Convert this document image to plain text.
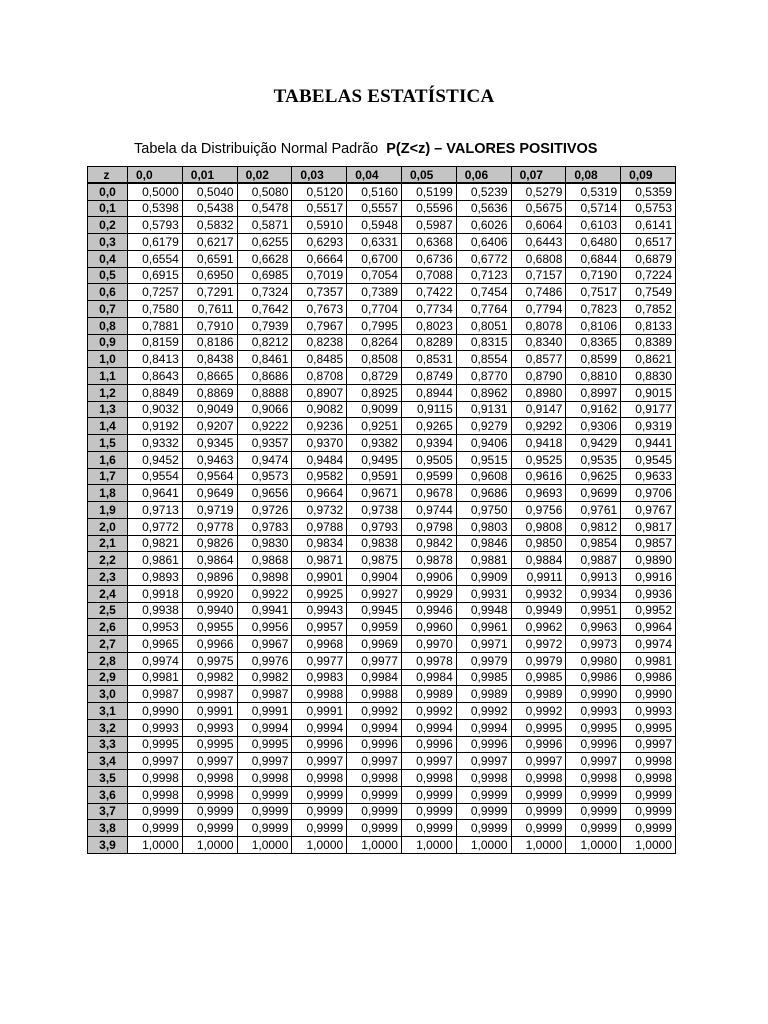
TABELAS ESTATÍSTICA
Tabela da Distribuição Normal Padrão P(Z<z) – VALORES POSITIVOS
z	0,0	0,01	0,02	0,03	0,04	0,05	0,06	0,07	0,08	0,09
0,0	0,5000	0,5040	0,5080	0,5120	0,5160	0,5199	0,5239	0,5279	0,5319	0,5359
0,1	0,5398	0,5438	0,5478	0,5517	0,5557	0,5596	0,5636	0,5675	0,5714	0,5753
0,2	0,5793	0,5832	0,5871	0,5910	0,5948	0,5987	0,6026	0,6064	0,6103	0,6141
0,3	0,6179	0,6217	0,6255	0,6293	0,6331	0,6368	0,6406	0,6443	0,6480	0,6517
0,4	0,6554	0,6591	0,6628	0,6664	0,6700	0,6736	0,6772	0,6808	0,6844	0,6879
0,5	0,6915	0,6950	0,6985	0,7019	0,7054	0,7088	0,7123	0,7157	0,7190	0,7224
0,6	0,7257	0,7291	0,7324	0,7357	0,7389	0,7422	0,7454	0,7486	0,7517	0,7549
0,7	0,7580	0,7611	0,7642	0,7673	0,7704	0,7734	0,7764	0,7794	0,7823	0,7852
0,8	0,7881	0,7910	0,7939	0,7967	0,7995	0,8023	0,8051	0,8078	0,8106	0,8133
0,9	0,8159	0,8186	0,8212	0,8238	0,8264	0,8289	0,8315	0,8340	0,8365	0,8389
1,0	0,8413	0,8438	0,8461	0,8485	0,8508	0,8531	0,8554	0,8577	0,8599	0,8621
1,1	0,8643	0,8665	0,8686	0,8708	0,8729	0,8749	0,8770	0,8790	0,8810	0,8830
1,2	0,8849	0,8869	0,8888	0,8907	0,8925	0,8944	0,8962	0,8980	0,8997	0,9015
1,3	0,9032	0,9049	0,9066	0,9082	0,9099	0,9115	0,9131	0,9147	0,9162	0,9177
1,4	0,9192	0,9207	0,9222	0,9236	0,9251	0,9265	0,9279	0,9292	0,9306	0,9319
1,5	0,9332	0,9345	0,9357	0,9370	0,9382	0,9394	0,9406	0,9418	0,9429	0,9441
1,6	0,9452	0,9463	0,9474	0,9484	0,9495	0,9505	0,9515	0,9525	0,9535	0,9545
1,7	0,9554	0,9564	0,9573	0,9582	0,9591	0,9599	0,9608	0,9616	0,9625	0,9633
1,8	0,9641	0,9649	0,9656	0,9664	0,9671	0,9678	0,9686	0,9693	0,9699	0,9706
1,9	0,9713	0,9719	0,9726	0,9732	0,9738	0,9744	0,9750	0,9756	0,9761	0,9767
2,0	0,9772	0,9778	0,9783	0,9788	0,9793	0,9798	0,9803	0,9808	0,9812	0,9817
2,1	0,9821	0,9826	0,9830	0,9834	0,9838	0,9842	0,9846	0,9850	0,9854	0,9857
2,2	0,9861	0,9864	0,9868	0,9871	0,9875	0,9878	0,9881	0,9884	0,9887	0,9890
2,3	0,9893	0,9896	0,9898	0,9901	0,9904	0,9906	0,9909	0,9911	0,9913	0,9916
2,4	0,9918	0,9920	0,9922	0,9925	0,9927	0,9929	0,9931	0,9932	0,9934	0,9936
2,5	0,9938	0,9940	0,9941	0,9943	0,9945	0,9946	0,9948	0,9949	0,9951	0,9952
2,6	0,9953	0,9955	0,9956	0,9957	0,9959	0,9960	0,9961	0,9962	0,9963	0,9964
2,7	0,9965	0,9966	0,9967	0,9968	0,9969	0,9970	0,9971	0,9972	0,9973	0,9974
2,8	0,9974	0,9975	0,9976	0,9977	0,9977	0,9978	0,9979	0,9979	0,9980	0,9981
2,9	0,9981	0,9982	0,9982	0,9983	0,9984	0,9984	0,9985	0,9985	0,9986	0,9986
3,0	0,9987	0,9987	0,9987	0,9988	0,9988	0,9989	0,9989	0,9989	0,9990	0,9990
3,1	0,9990	0,9991	0,9991	0,9991	0,9992	0,9992	0,9992	0,9992	0,9993	0,9993
3,2	0,9993	0,9993	0,9994	0,9994	0,9994	0,9994	0,9994	0,9995	0,9995	0,9995
3,3	0,9995	0,9995	0,9995	0,9996	0,9996	0,9996	0,9996	0,9996	0,9996	0,9997
3,4	0,9997	0,9997	0,9997	0,9997	0,9997	0,9997	0,9997	0,9997	0,9997	0,9998
3,5	0,9998	0,9998	0,9998	0,9998	0,9998	0,9998	0,9998	0,9998	0,9998	0,9998
3,6	0,9998	0,9998	0,9999	0,9999	0,9999	0,9999	0,9999	0,9999	0,9999	0,9999
3,7	0,9999	0,9999	0,9999	0,9999	0,9999	0,9999	0,9999	0,9999	0,9999	0,9999
3,8	0,9999	0,9999	0,9999	0,9999	0,9999	0,9999	0,9999	0,9999	0,9999	0,9999
3,9	1,0000	1,0000	1,0000	1,0000	1,0000	1,0000	1,0000	1,0000	1,0000	1,0000
